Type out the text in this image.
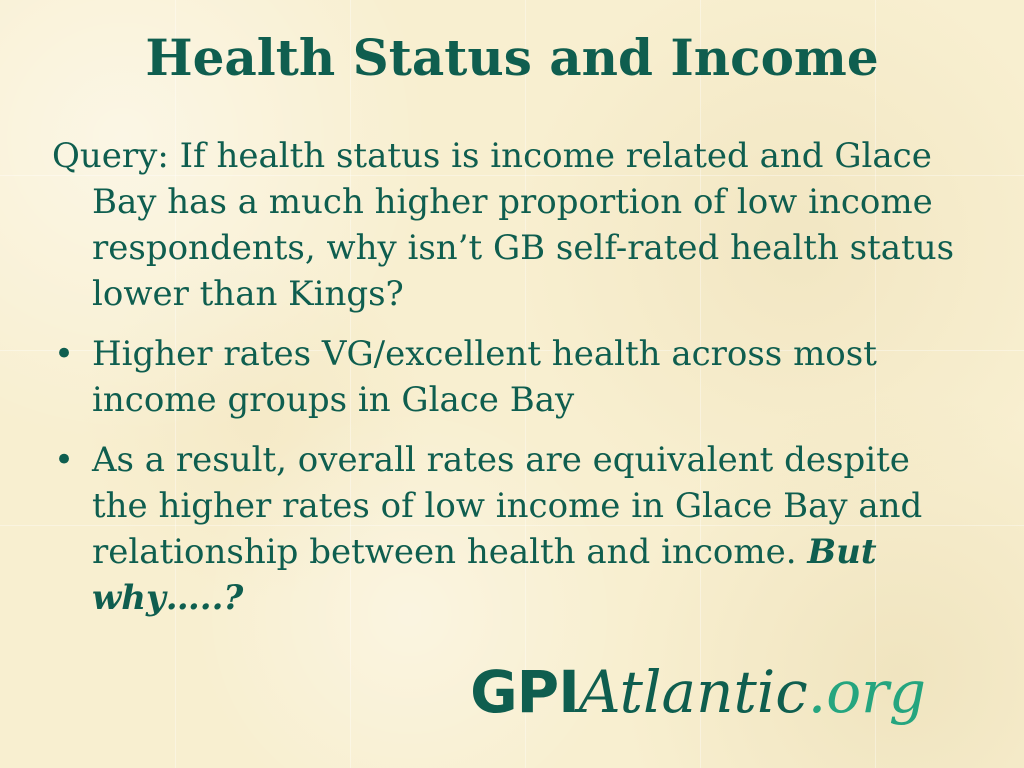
Health Status and Income

Query: If health status is income related and Glace Bay has a much higher proportion of low income respondents, why isn’t GB self-rated health status lower than Kings?

• Higher rates VG/excellent health across most income groups in Glace Bay
• As a result, overall rates are equivalent despite the higher rates of low income in Glace Bay and relationship between health and income. But why…..?
GPI Atlantic .org
